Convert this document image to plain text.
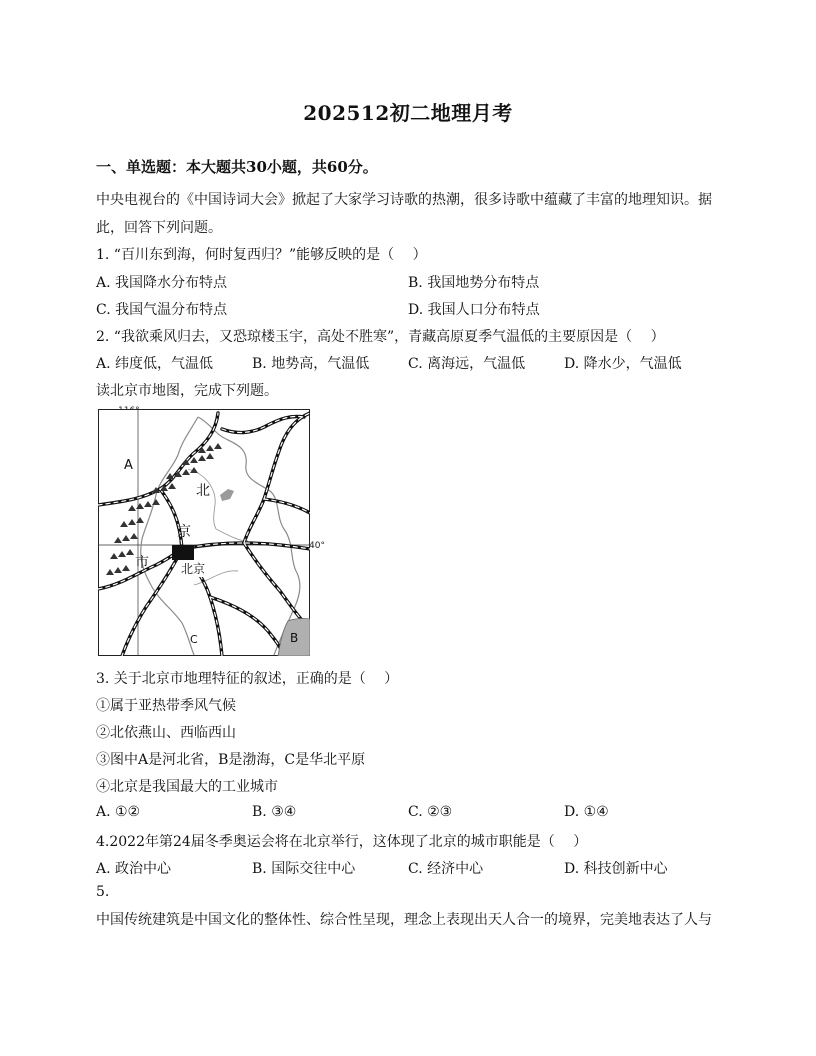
202512初二地理月考
一、单选题：本大题共30小题，共60分。
中央电视台的《中国诗词大会》掀起了大家学习诗歌的热潮，很多诗歌中蕴藏了丰富的地理知识。据
此，回答下列问题。
1. “百川东到海，何时复西归？”能够反映的是（　 ）
A. 我国降水分布特点	B. 我国地势分布特点
C. 我国气温分布特点	D. 我国人口分布特点
2. “我欲乘风归去，又恐琼楼玉宇，高处不胜寒”，青藏高原夏季气温低的主要原因是（　 ）
A. 纬度低，气温低	B. 地势高，气温低	C. 离海远，气温低	D. 降水少，气温低
读北京市地图，完成下列题。
40°
A
北
京
市	北京
C	B
3. 关于北京市地理特征的叙述，正确的是（　 ）
①属于亚热带季风气候
②北依燕山、西临西山
③图中A是河北省，B是渤海，C是华北平原
④北京是我国最大的工业城市
A. ①②	B. ③④	C. ②③	D. ①④
4.2022年第24届冬季奥运会将在北京举行，这体现了北京的城市职能是（　 ）
A. 政治中心	B. 国际交往中心	C. 经济中心	D. 科技创新中心
5.
中国传统建筑是中国文化的整体性、综合性呈现，理念上表现出天人合一的境界，完美地表达了人与
